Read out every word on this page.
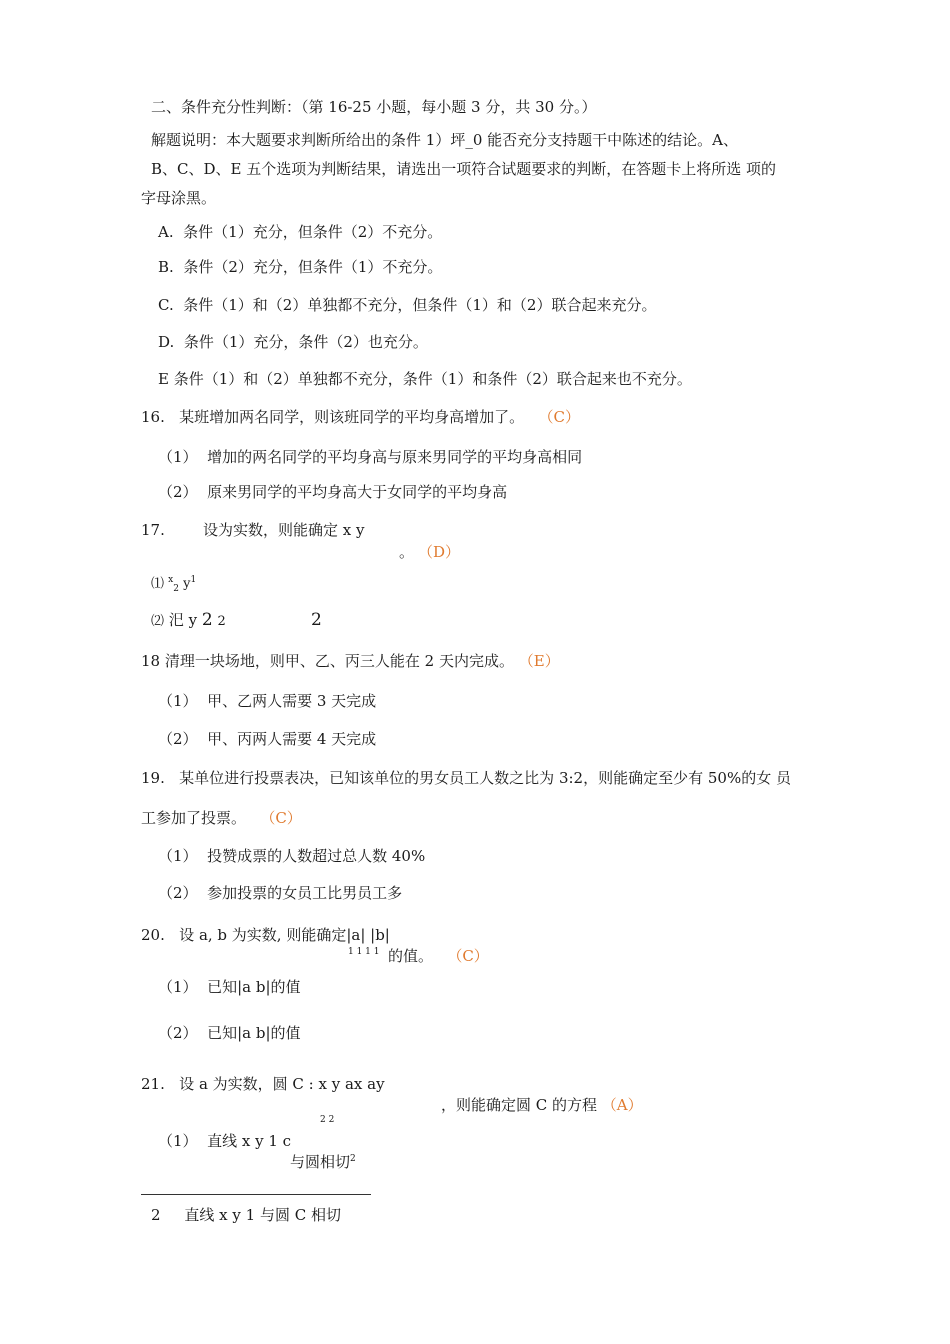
二、条件充分性判断：（第 16-25 小题，每小题 3 分，共 30 分。）
解题说明：本大题要求判断所给出的条件 1）坪_0 能否充分支持题干中陈述的结论。A、
B、C、D、E 五个选项为判断结果，请选出一项符合试题要求的判断，在答题卡上将所选 项的
字母涂黑。
A. 条件（1）充分，但条件（2）不充分。
B. 条件（2）充分，但条件（1）不充分。
C. 条件（1）和（2）单独都不充分，但条件（1）和（2）联合起来充分。
D. 条件（1）充分，条件（2）也充分。
E 条件（1）和（2）单独都不充分，条件（1）和条件（2）联合起来也不充分。
16. 某班增加两名同学，则该班同学的平均身高增加了。 （C）
（1） 增加的两名同学的平均身高与原来男同学的平均身高相同
（2） 原来男同学的平均身高大于女同学的平均身高
17.	设为实数，则能确定 x y
。 （D）
⑴ $^x_2$ $y^1$
⑵ 汜 y 2 2	2
18 清理一块场地，则甲、乙、丙三人能在 2 天内完成。 （E）
（1） 甲、乙两人需要 3 天完成
（2） 甲、丙两人需要 4 天完成
19. 某单位进行投票表决，已知该单位的男女员工人数之比为 3:2，则能确定至少有 50%的女 员
工参加了投票。 （C）
（1） 投赞成票的人数超过总人数 40%
（2） 参加投票的女员工比男员工多
20. 设 a, b 为实数, 则能确定|a| |b|
1 1 1 1 的值。 （C）
（1） 已知|a b|的值
（2） 已知|a b|的值
21. 设 a 为实数，圆 C : x y ax ay
，则能确定圆 C 的方程 （A）
2 2
（1） 直线 x y 1 c
与圆相切$^2$
2 直线 x y 1 与圆 C 相切
